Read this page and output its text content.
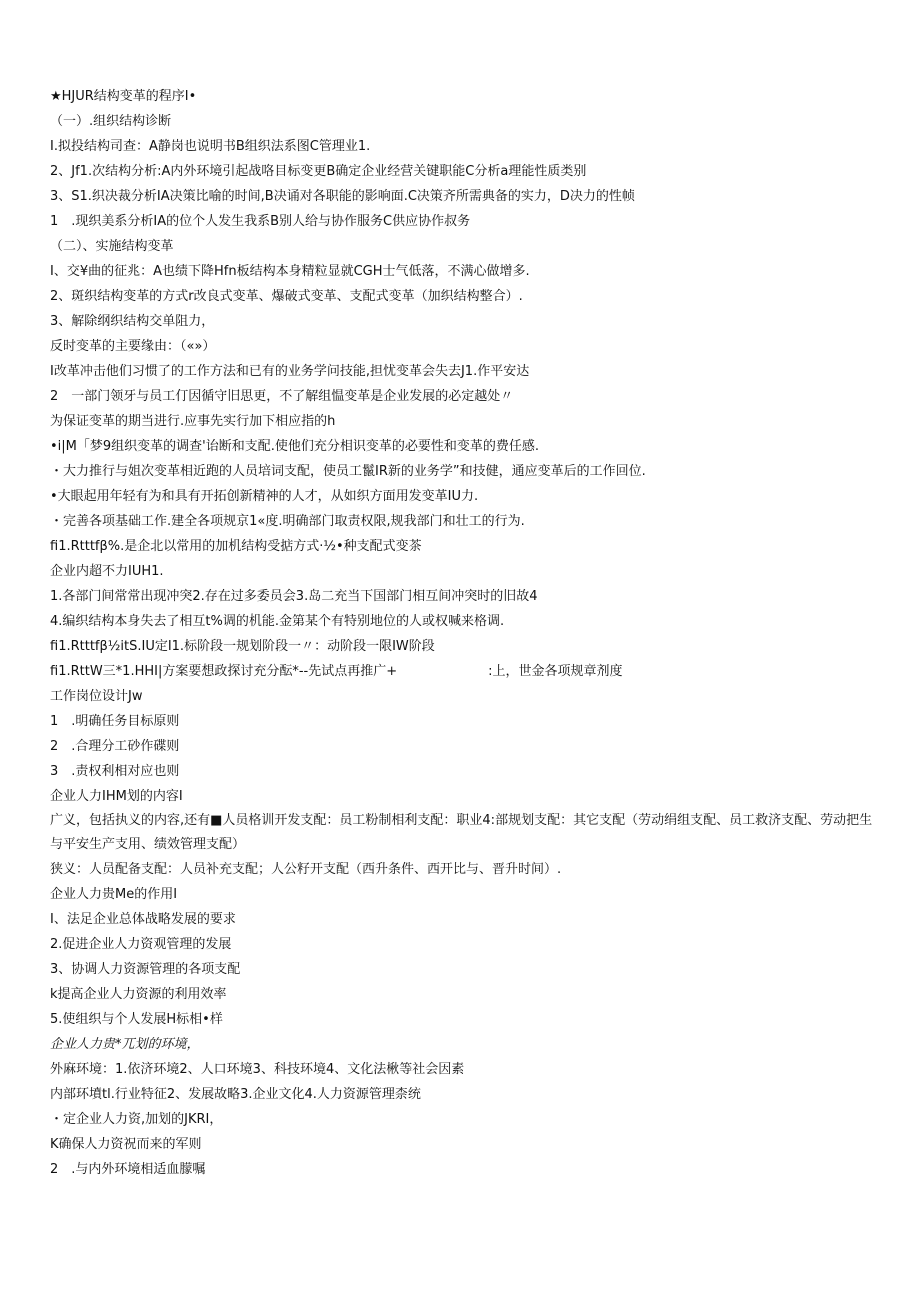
★HJUR结构变革的程序I•
（一）.组织结构诊断
I.拟投结构司查：A静岗也说明书B组织法系图C管理业1.
2、Jf1.次结构分析:A内外环境引起战咯目标变更B确定企业经营关键职能C分析a理能性质类别
3、S1.织决裁分析IA决策比喻的时间,B决诵对各职能的影响面.C决策齐所需典备的实力，D决力的性帧
1　.现织美系分析IA的位个人发生我系B别人给与协作服务C供应协作叔务
（二）、实施结构变革
I、交¥曲的征兆：A也绩下降Hfn板结构本身精粒显就CGH士气低落，不满心做增多.
2、斑织结构变革的方式r改良式变革、爆破式变革、支配式变革（加织结构整合）.
3、解除纲织结构交单阻力，
反时变革的主要缘由：（«»）
I改革冲击他们习惯了的工作方法和已有的业务学问技能,担忧变革会失去J1.作平安达
2　一部门领牙与员工仃因循守旧思更，不了解组愠变革是企业发展的必定越处〃
为保证变革的期当进行.应事先实行加下相应指的h
•i|M「梦9组织变革的调查'诒断和支配.使他们充分相识变革的必要性和变革的费任感.
・大力推行与姐次变革相近跑的人员培词支配，使员工鬣IR新的业务学”和技健，通应变革后的工作回位.
•大眼起用年轻有为和具有开拓创新精神的人才，从如织方面用发变革IU力.
・完善各项基础工作.建全各项规京1«度.明确部门取责权限,规我部门和壮工的行为.
fi1.Rtttfβ%.是企北以常用的加机结构受掂方式·½•种支配式变茶
企业内超不力IUH1.
1.各部门间常常出现冲突2.存在过多委员会3.岛二充当下国部门相互间冲突时的旧故4
4.编织结构本身失去了相互t%调的机能.金第某个有特别地位的人或权喊来格调.
fi1.Rtttfβ½itS.IU定I1.标阶段一规划阶段一〃：动阶段一限IW阶段
fi1.RttW三*1.HHI|方案要想政探讨充分酝*--先试点再推广+　　　　　　　:上，世金各项规章剂度
工作岗位设计Jw
1　.明确任务目标原则
2　.合理分工砂作碟则
3　.责权利相对应也则
企业人力IHM划的内容I
广义，包括执义的内容,还有■人员格训开发支配：员工粉制相利支配：职业4:部规划支配：其它支配（劳动绢组支配、员工救济支配、劳动把生与平安生产支用、绩效管理支配）
狭义：人员配备支配：人员补充支配；人公籽开支配（西升条件、西开比与、晋升时间）.
企业人力贵Me的作用I
I、法足企业总体战略发展的要求
2.促进企业人力资观管理的发展
3、协调人力资源管理的各项支配
k提高企业人力资源的利用效率
5.使组织与个人发展H标相•样
企业人力贵*兀划的环境，
外麻环境：1.依济环境2、人口环境3、科技环境4、文化法楸等社会因素
内部环墳tl.行业特征2、发展故略3.企业文化4.人力资源管理柰统
・定企业人力资,加划的JKRI，
K确保人力资祝而来的军则
2　.与内外环境相适血朦嘱
